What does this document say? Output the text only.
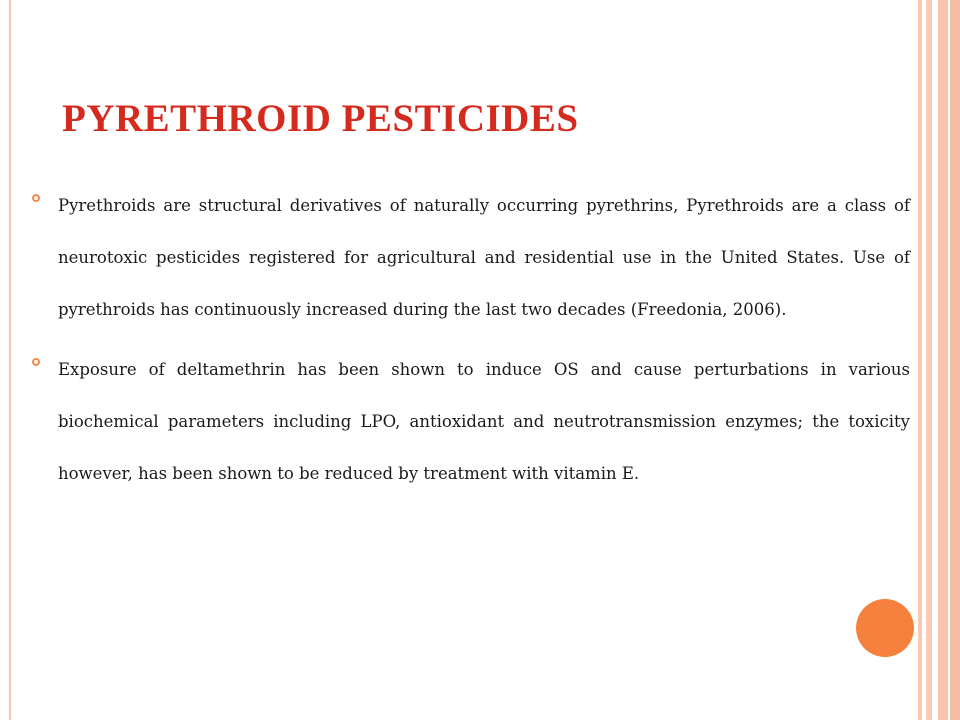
PYRETHROID PESTICIDES
Pyrethroids are structural derivatives of naturally occurring pyrethrins, Pyrethroids are a class of neurotoxic pesticides registered for agricultural and residential use in the United States. Use of pyrethroids has continuously increased during the last two decades (Freedonia, 2006).
Exposure of deltamethrin has been shown to induce OS and cause perturbations in various biochemical parameters including LPO, antioxidant and neutrotransmission enzymes; the toxicity however, has been shown to be reduced by treatment with vitamin E.
